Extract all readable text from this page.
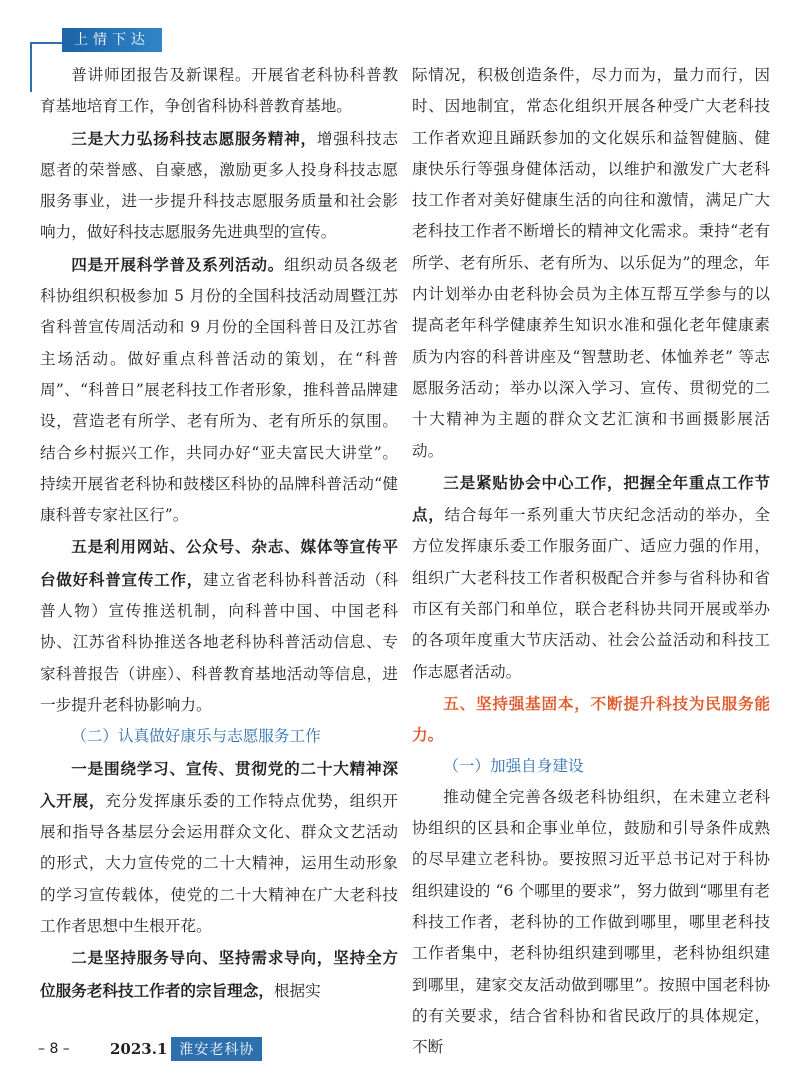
上情下达

普讲师团报告及新课程。开展省老科协科普教育基地培育工作，争创省科协科普教育基地。

三是大力弘扬科技志愿服务精神，增强科技志愿者的荣誉感、自豪感，激励更多人投身科技志愿服务事业，进一步提升科技志愿服务质量和社会影响力，做好科技志愿服务先进典型的宣传。

四是开展科学普及系列活动。组织动员各级老科协组织积极参加 5 月份的全国科技活动周暨江苏省科普宣传周活动和 9 月份的全国科普日及江苏省主场活动。做好重点科普活动的策划，在“科普周”、“科普日”展老科技工作者形象，推科普品牌建设，营造老有所学、老有所为、老有所乐的氛围。结合乡村振兴工作，共同办好“亚夫富民大讲堂”。持续开展省老科协和鼓楼区科协的品牌科普活动“健康科普专家社区行”。

五是利用网站、公众号、杂志、媒体等宣传平台做好科普宣传工作，建立省老科协科普活动（科普人物）宣传推送机制，向科普中国、中国老科协、江苏省科协推送各地老科协科普活动信息、专家科普报告（讲座）、科普教育基地活动等信息，进一步提升老科协影响力。

（二）认真做好康乐与志愿服务工作

一是围绕学习、宣传、贯彻党的二十大精神深入开展，充分发挥康乐委的工作特点优势，组织开展和指导各基层分会运用群众文化、群众文艺活动的形式，大力宣传党的二十大精神，运用生动形象的学习宣传载体，使党的二十大精神在广大老科技工作者思想中生根开花。

二是坚持服务导向、坚持需求导向，坚持全方位服务老科技工作者的宗旨理念，根据实

际情况，积极创造条件，尽力而为，量力而行，因时、因地制宜，常态化组织开展各种受广大老科技工作者欢迎且踊跃参加的文化娱乐和益智健脑、健康快乐行等强身健体活动，以维护和激发广大老科技工作者对美好健康生活的向往和激情，满足广大老科技工作者不断增长的精神文化需求。秉持“老有所学、老有所乐、老有所为、以乐促为”的理念，年内计划举办由老科协会员为主体互帮互学参与的以提高老年科学健康养生知识水准和强化老年健康素质为内容的科普讲座及“智慧助老、体恤养老” 等志愿服务活动；举办以深入学习、宣传、贯彻党的二十大精神为主题的群众文艺汇演和书画摄影展活动。

三是紧贴协会中心工作，把握全年重点工作节点，结合每年一系列重大节庆纪念活动的举办，全方位发挥康乐委工作服务面广、适应力强的作用，组织广大老科技工作者积极配合并参与省科协和省市区有关部门和单位，联合老科协共同开展或举办的各项年度重大节庆活动、社会公益活动和科技工作志愿者活动。

五、坚持强基固本，不断提升科技为民服务能力。

（一）加强自身建设

推动健全完善各级老科协组织，在未建立老科协组织的区县和企事业单位，鼓励和引导条件成熟的尽早建立老科协。要按照习近平总书记对于科协组织建设的 “6 个哪里的要求”，努力做到“哪里有老科技工作者，老科协的工作做到哪里，哪里老科技工作者集中，老科协组织建到哪里，老科协组织建到哪里，建家交友活动做到哪里”。按照中国老科协的有关要求，结合省科协和省民政厅的具体规定，不断

– 8 –	2023.1 淮安老科协
